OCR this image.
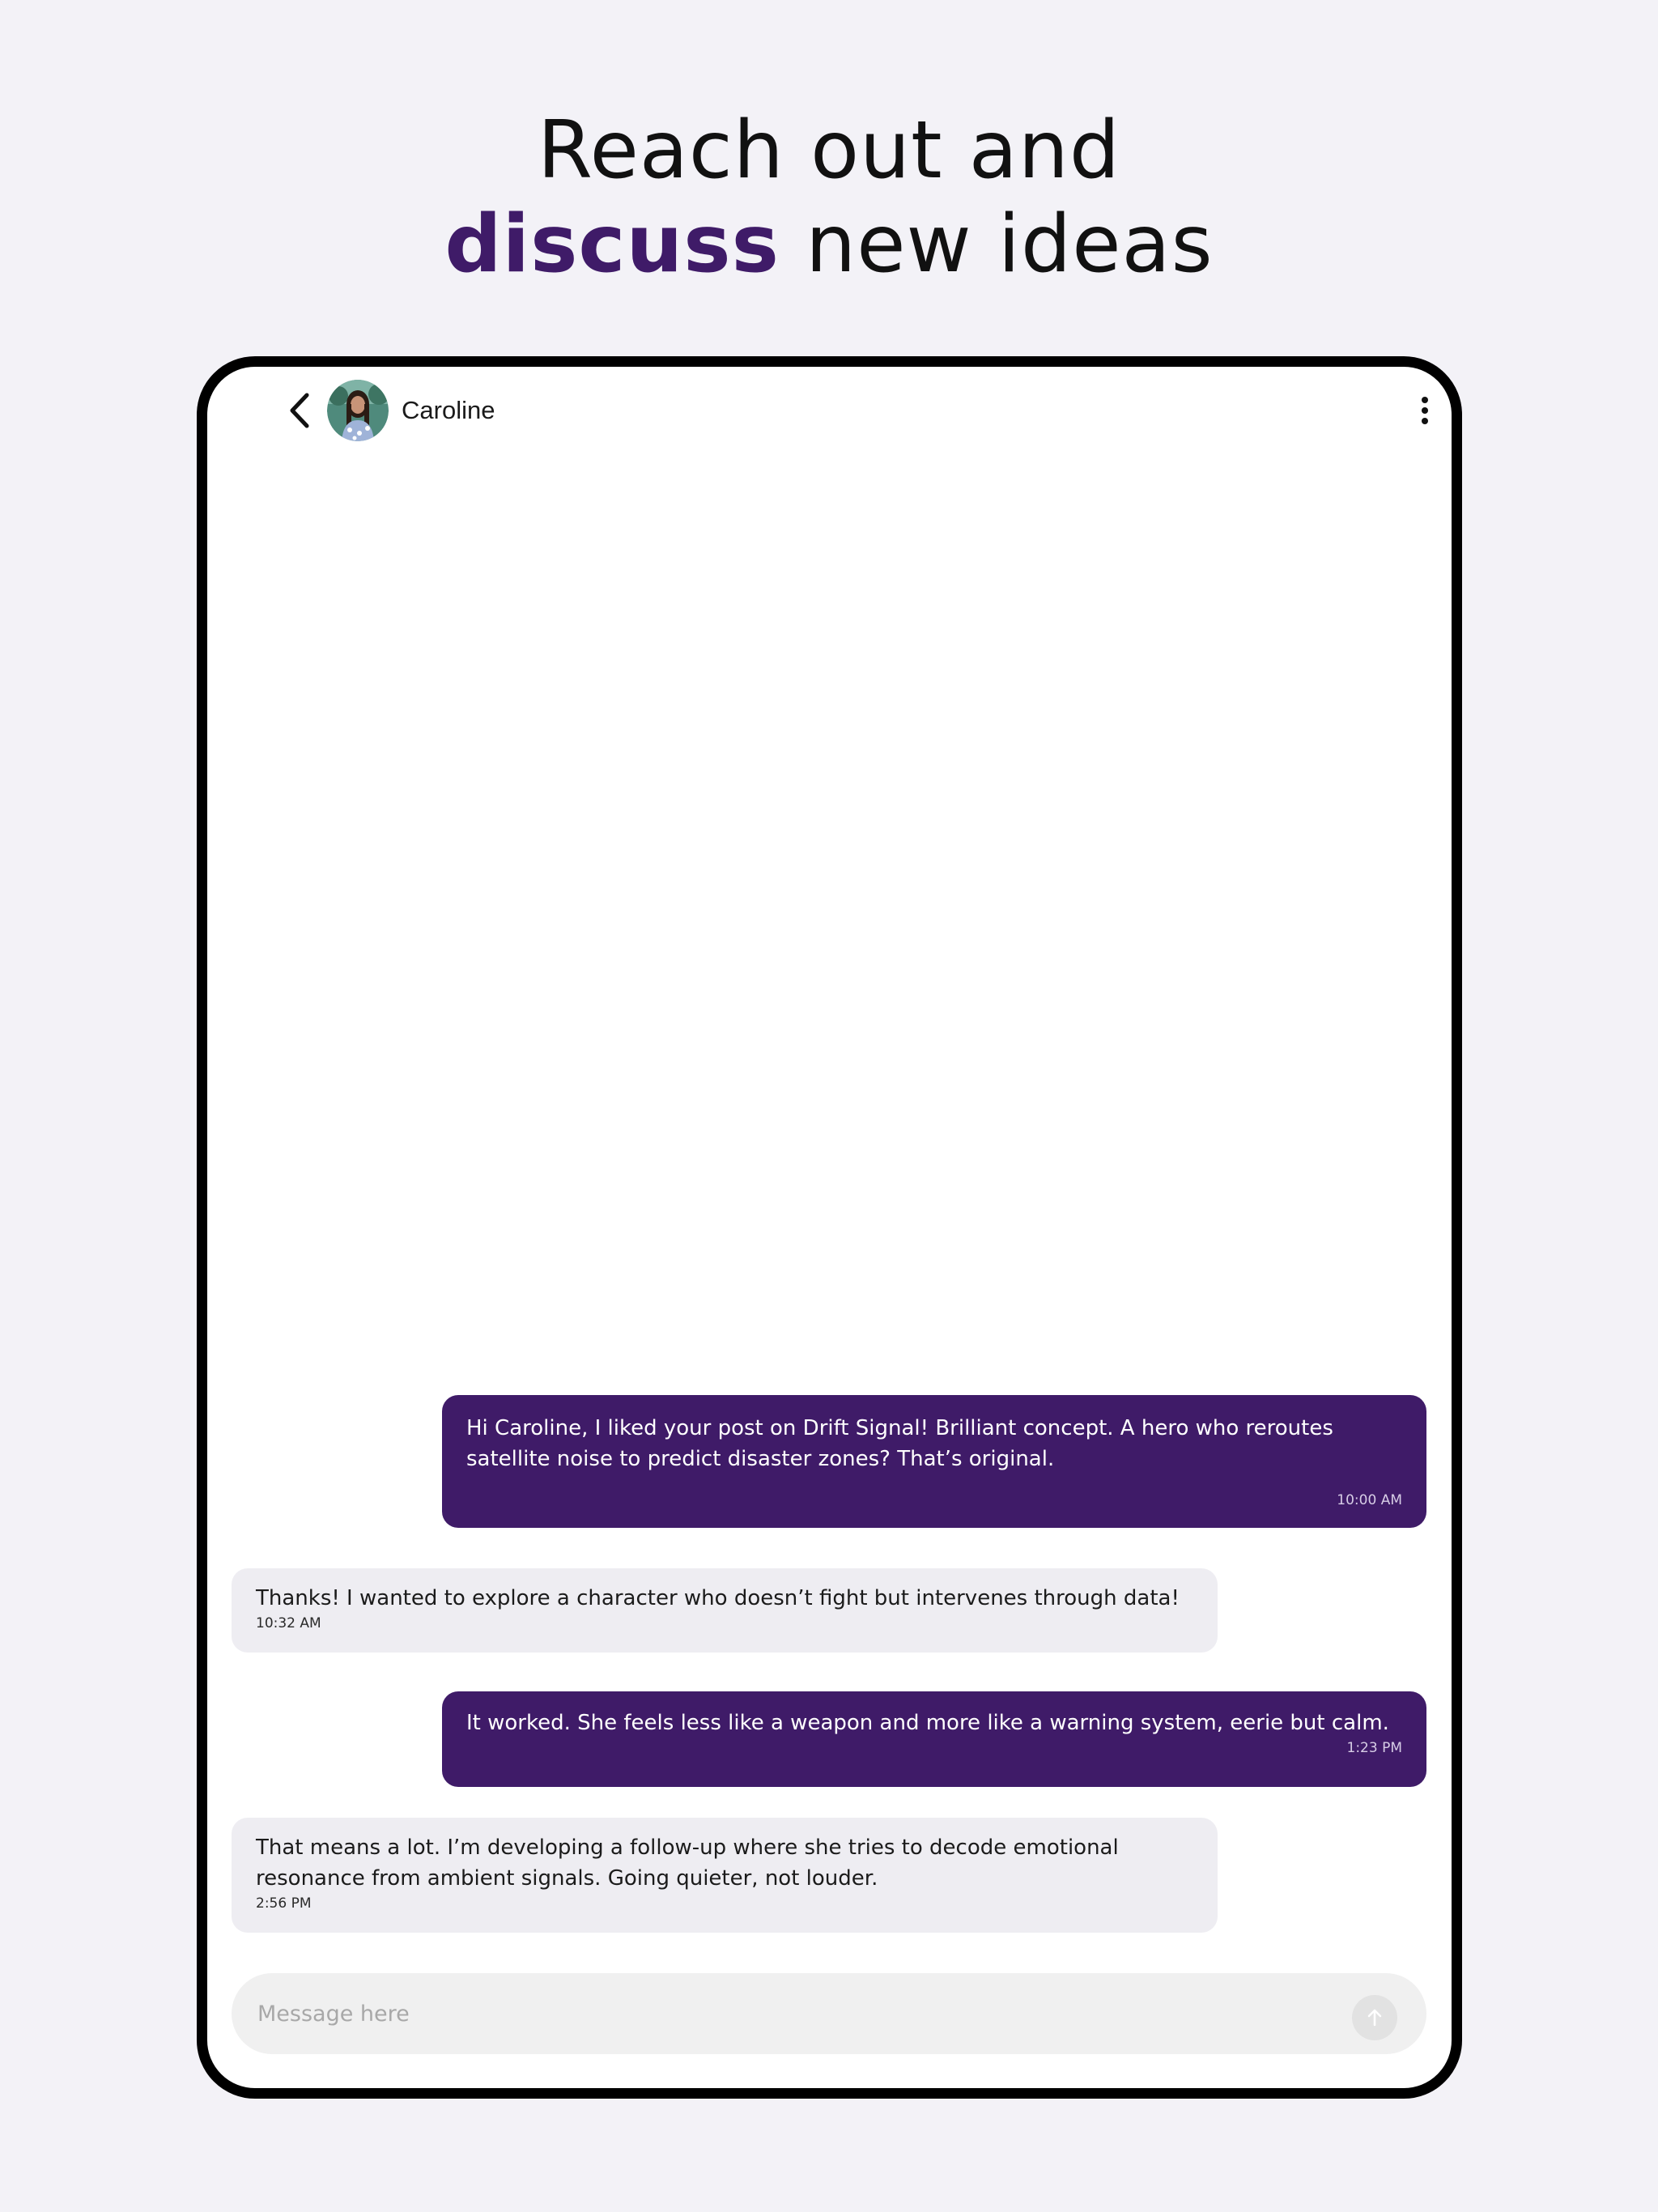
Reach out and
discuss new ideas
Caroline
Hi Caroline, I liked your post on Drift Signal! Brilliant concept. A hero who reroutes satellite noise to predict disaster zones? That’s original.
10:00 AM
Thanks! I wanted to explore a character who doesn’t fight but intervenes through data!
10:32 AM
It worked. She feels less like a weapon and more like a warning system, eerie but calm.
1:23 PM
That means a lot. I’m developing a follow-up where she tries to decode emotional resonance from ambient signals. Going quieter, not louder.
2:56 PM
Message here
